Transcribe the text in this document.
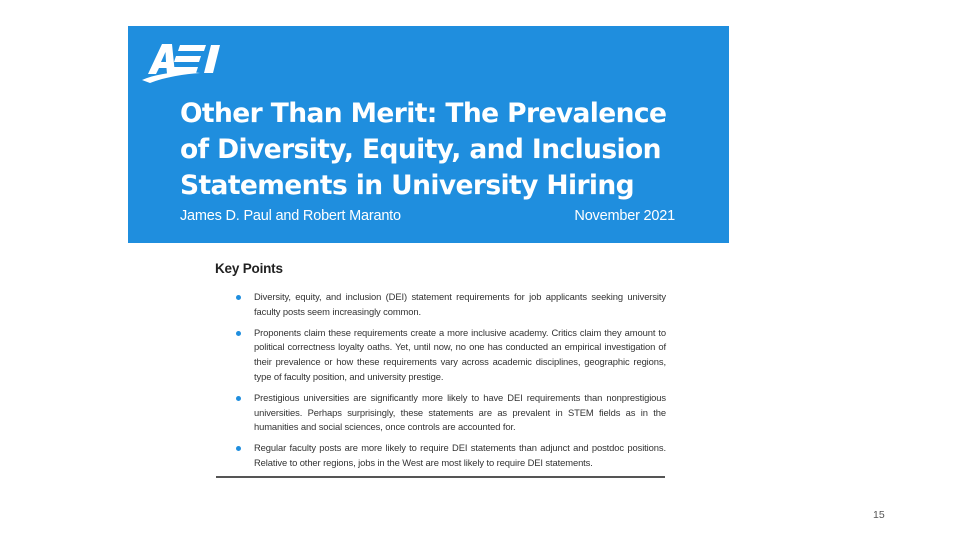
Other Than Merit: The Prevalence
of Diversity, Equity, and Inclusion
Statements in University Hiring
James D. Paul and Robert Maranto	November 2021
Key Points
Diversity, equity, and inclusion (DEI) statement requirements for job applicants seeking university faculty posts seem increasingly common.
Proponents claim these requirements create a more inclusive academy. Critics claim they amount to political correctness loyalty oaths. Yet, until now, no one has conducted an empirical investigation of their prevalence or how these requirements vary across academic disciplines, geographic regions, type of faculty position, and university prestige.
Prestigious universities are significantly more likely to have DEI requirements than nonprestigious universities. Perhaps surprisingly, these statements are as prevalent in STEM fields as in the humanities and social sciences, once controls are accounted for.
Regular faculty posts are more likely to require DEI statements than adjunct and postdoc positions. Relative to other regions, jobs in the West are most likely to require DEI statements.
15
